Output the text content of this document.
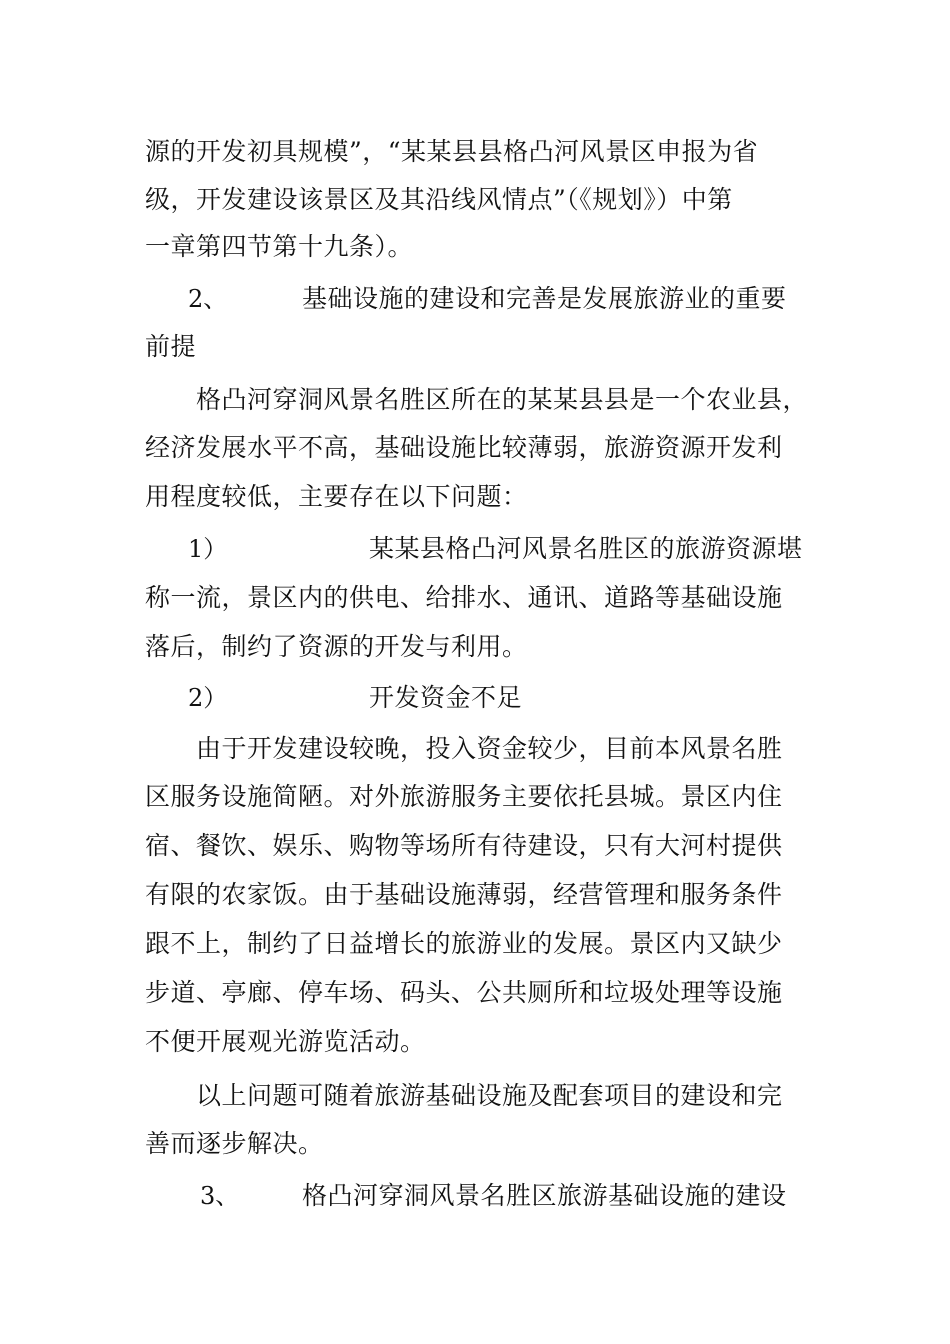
源的开发初具规模”，“某某县县格凸河风景区申报为省
级，开发建设该景区及其沿线风情点”（《规划》）中第
一章第四节第十九条）。
2、	基础设施的建设和完善是发展旅游业的重要
前提
格凸河穿洞风景名胜区所在的某某县县是一个农业县，
经济发展水平不高，基础设施比较薄弱，旅游资源开发利
用程度较低，主要存在以下问题：
1）	某某县格凸河风景名胜区的旅游资源堪
称一流，景区内的供电、给排水、通讯、道路等基础设施
落后，制约了资源的开发与利用。
2）	开发资金不足
由于开发建设较晚，投入资金较少，目前本风景名胜
区服务设施简陋。对外旅游服务主要依托县城。景区内住
宿、餐饮、娱乐、购物等场所有待建设，只有大河村提供
有限的农家饭。由于基础设施薄弱，经营管理和服务条件
跟不上，制约了日益增长的旅游业的发展。景区内又缺少
步道、亭廊、停车场、码头、公共厕所和垃圾处理等设施
不便开展观光游览活动。
以上问题可随着旅游基础设施及配套项目的建设和完
善而逐步解决。
3、	格凸河穿洞风景名胜区旅游基础设施的建设
